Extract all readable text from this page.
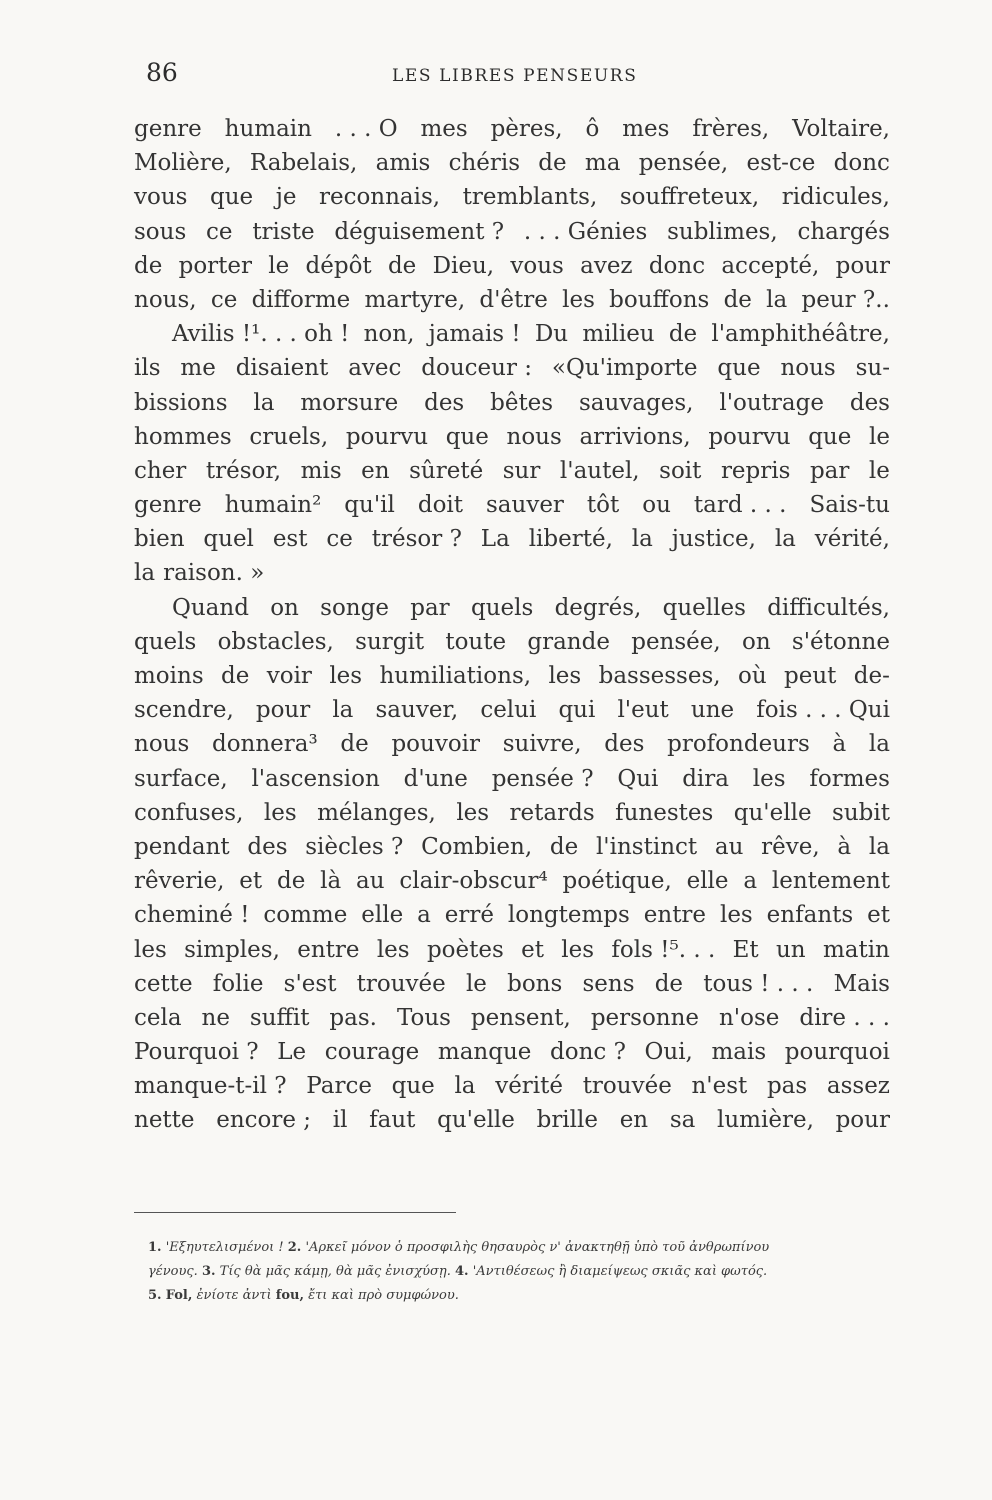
86	LES LIBRES PENSEURS
genre humain . . . O mes pères, ô mes frères, Voltaire,
Molière, Rabelais, amis chéris de ma pensée, est-ce donc
vous que je reconnais, tremblants, souffreteux, ridicules,
sous ce triste déguisement ? . . . Génies sublimes, chargés
de porter le dépôt de Dieu, vous avez donc accepté, pour
nous, ce difforme martyre, d'être les bouffons de la peur ?..
Avilis !¹. . . oh ! non, jamais ! Du milieu de l'amphithéâtre,
ils me disaient avec douceur : «Qu'importe que nous su-
bissions la morsure des bêtes sauvages, l'outrage des
hommes cruels, pourvu que nous arrivions, pourvu que le
cher trésor, mis en sûreté sur l'autel, soit repris par le
genre humain² qu'il doit sauver tôt ou tard . . . Sais-tu
bien quel est ce trésor ? La liberté, la justice, la vérité,
la raison. »
Quand on songe par quels degrés, quelles difficultés,
quels obstacles, surgit toute grande pensée, on s'étonne
moins de voir les humiliations, les bassesses, où peut de-
scendre, pour la sauver, celui qui l'eut une fois . . . Qui
nous donnera³ de pouvoir suivre, des profondeurs à la
surface, l'ascension d'une pensée ? Qui dira les formes
confuses, les mélanges, les retards funestes qu'elle subit
pendant des siècles ? Combien, de l'instinct au rêve, à la
rêverie, et de là au clair-obscur⁴ poétique, elle a lentement
cheminé ! comme elle a erré longtemps entre les enfants et
les simples, entre les poètes et les fols !⁵. . . Et un matin
cette folie s'est trouvée le bons sens de tous ! . . . Mais
cela ne suffit pas. Tous pensent, personne n'ose dire . . .
Pourquoi ? Le courage manque donc ? Oui, mais pourquoi
manque-t-il ? Parce que la vérité trouvée n'est pas assez
nette encore ; il faut qu'elle brille en sa lumière, pour
1. 'Εξηυτελισμένοι ! 2. 'Αρκεῖ μόνον ὁ προσφιλὴς θησαυρὸς ν' ἀνακτηθῇ ὑπὸ τοῦ ἀνθρωπίνου
γένους. 3. Τίς θὰ μᾶς κάμῃ, θὰ μᾶς ἐνισχύσῃ. 4. 'Αντιθέσεως ἢ διαμείψεως σκιᾶς καὶ φωτός.
5. Fol, ἐνίοτε ἀντὶ fou, ἔτι καὶ πρὸ συμφώνου.
